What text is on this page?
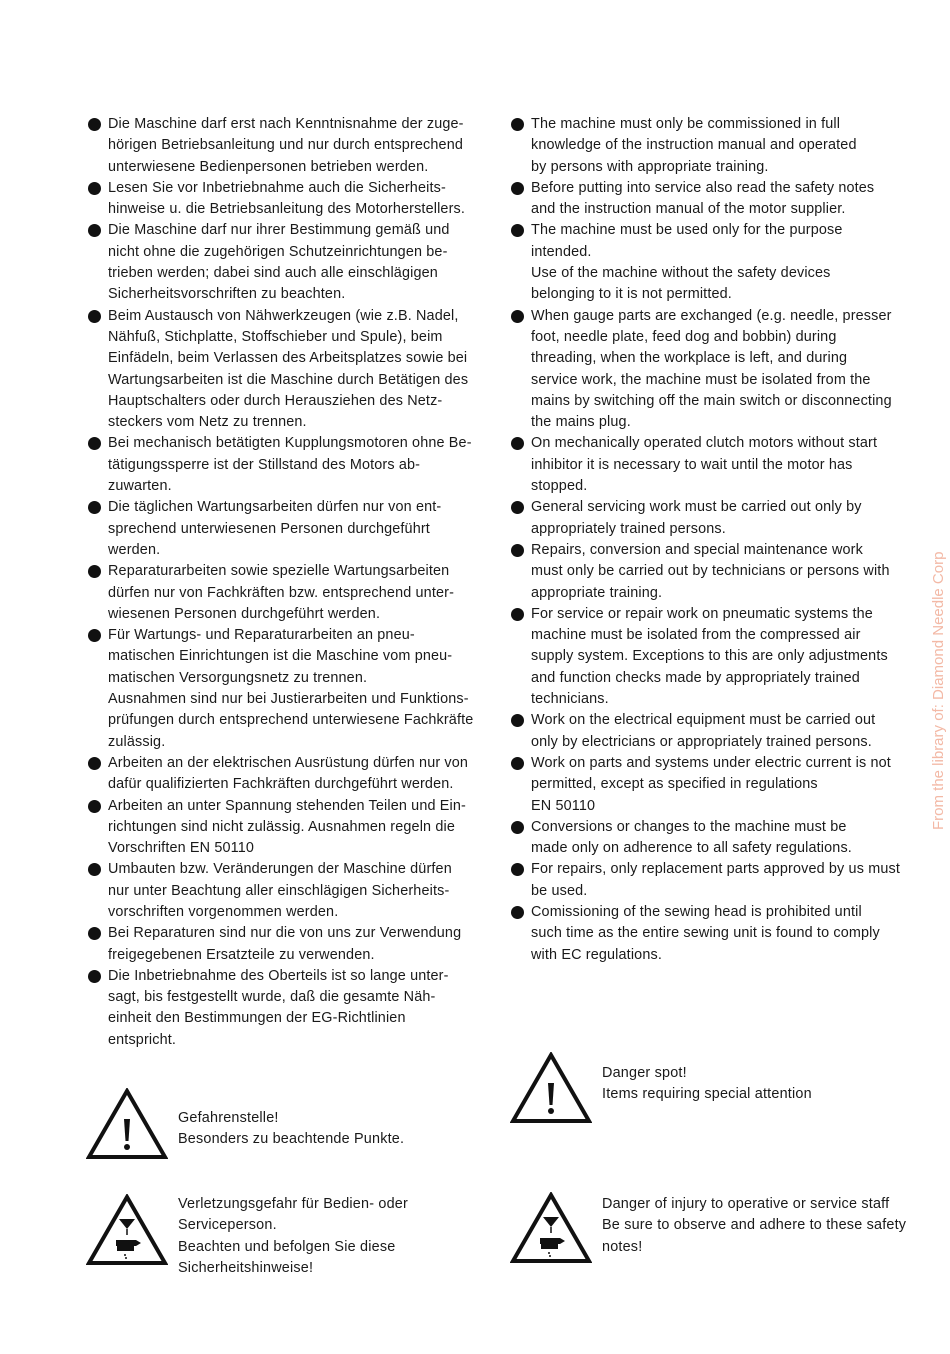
Die Maschine darf erst nach Kenntnisnahme der zuge-
hörigen Betriebsanleitung und nur durch entsprechend
unterwiesene Bedienpersonen betrieben werden.
Lesen Sie vor Inbetriebnahme auch die Sicherheits-
hinweise u. die Betriebsanleitung des Motorherstellers.
Die Maschine darf nur ihrer Bestimmung gemäß und
nicht ohne die zugehörigen Schutzeinrichtungen be-
trieben werden; dabei sind auch alle einschlägigen
Sicherheitsvorschriften zu beachten.
Beim Austausch von Nähwerkzeugen (wie z.B. Nadel,
Nähfuß, Stichplatte, Stoffschieber und Spule), beim
Einfädeln, beim Verlassen des Arbeitsplatzes sowie bei
Wartungsarbeiten ist die Maschine durch Betätigen des
Hauptschalters oder durch Herausziehen des Netz-
steckers vom Netz zu trennen.
Bei mechanisch betätigten Kupplungsmotoren ohne Be-
tätigungssperre ist der Stillstand des Motors ab-
zuwarten.
Die täglichen Wartungsarbeiten dürfen nur von ent-
sprechend unterwiesenen Personen durchgeführt
werden.
Reparaturarbeiten sowie spezielle Wartungsarbeiten
dürfen nur von Fachkräften bzw. entsprechend unter-
wiesenen Personen durchgeführt werden.
Für Wartungs- und Reparaturarbeiten an pneu-
matischen Einrichtungen ist die Maschine vom pneu-
matischen Versorgungsnetz zu trennen.
Ausnahmen sind nur bei Justierarbeiten und Funktions-
prüfungen durch entsprechend unterwiesene Fachkräfte
zulässig.
Arbeiten an der elektrischen Ausrüstung dürfen nur von
dafür qualifizierten Fachkräften durchgeführt werden.
Arbeiten an unter Spannung stehenden Teilen und Ein-
richtungen sind nicht zulässig. Ausnahmen regeln die
Vorschriften EN 50110
Umbauten bzw. Veränderungen der Maschine dürfen
nur unter Beachtung aller einschlägigen Sicherheits-
vorschriften vorgenommen werden.
Bei Reparaturen sind nur die von uns zur Verwendung
freigegebenen Ersatzteile zu verwenden.
Die Inbetriebnahme des Oberteils ist so lange unter-
sagt, bis festgestellt wurde, daß die gesamte Näh-
einheit den Bestimmungen der EG-Richtlinien
entspricht.
The machine must only be commissioned in full
knowledge of the instruction manual and operated
by persons with appropriate training.
Before putting into service also read the safety notes
and the instruction manual of the motor supplier.
The machine must be used only for the purpose
intended.
Use of the machine without the safety devices
belonging to it is not permitted.
When gauge parts are exchanged (e.g. needle, presser
foot, needle plate, feed dog and bobbin) during
threading, when the workplace is left, and during
service work, the machine must be isolated from the
mains by switching off the main switch or disconnecting
the mains plug.
On mechanically operated clutch motors without start
inhibitor it is necessary to wait until the motor has
stopped.
General servicing work must be carried out only by
appropriately trained persons.
Repairs, conversion and special maintenance work
must only be carried out by technicians or persons with
appropriate training.
For service or repair work on pneumatic systems the
machine must be isolated from the compressed air
supply system. Exceptions to this are only adjustments
and function checks made by appropriately trained
technicians.
Work on the electrical equipment must be carried out
only by electricians or appropriately trained persons.
Work on parts and systems under electric current is not
permitted, except as specified in regulations
EN 50110
Conversions or changes to the machine must be
made only on adherence to all safety regulations.
For repairs, only replacement parts approved by us must
be used.
Comissioning of the sewing head is prohibited until
such time as the entire sewing unit is found to comply
with EC regulations.
Gefahrenstelle!
Besonders zu beachtende Punkte.
Verletzungsgefahr für Bedien- oder
Serviceperson.
Beachten und befolgen Sie diese
Sicherheitshinweise!
Danger spot!
Items requiring special attention
Danger of injury to operative or service staff
Be sure to observe and adhere to these safety
notes!
From the library of: Diamond Needle Corp
